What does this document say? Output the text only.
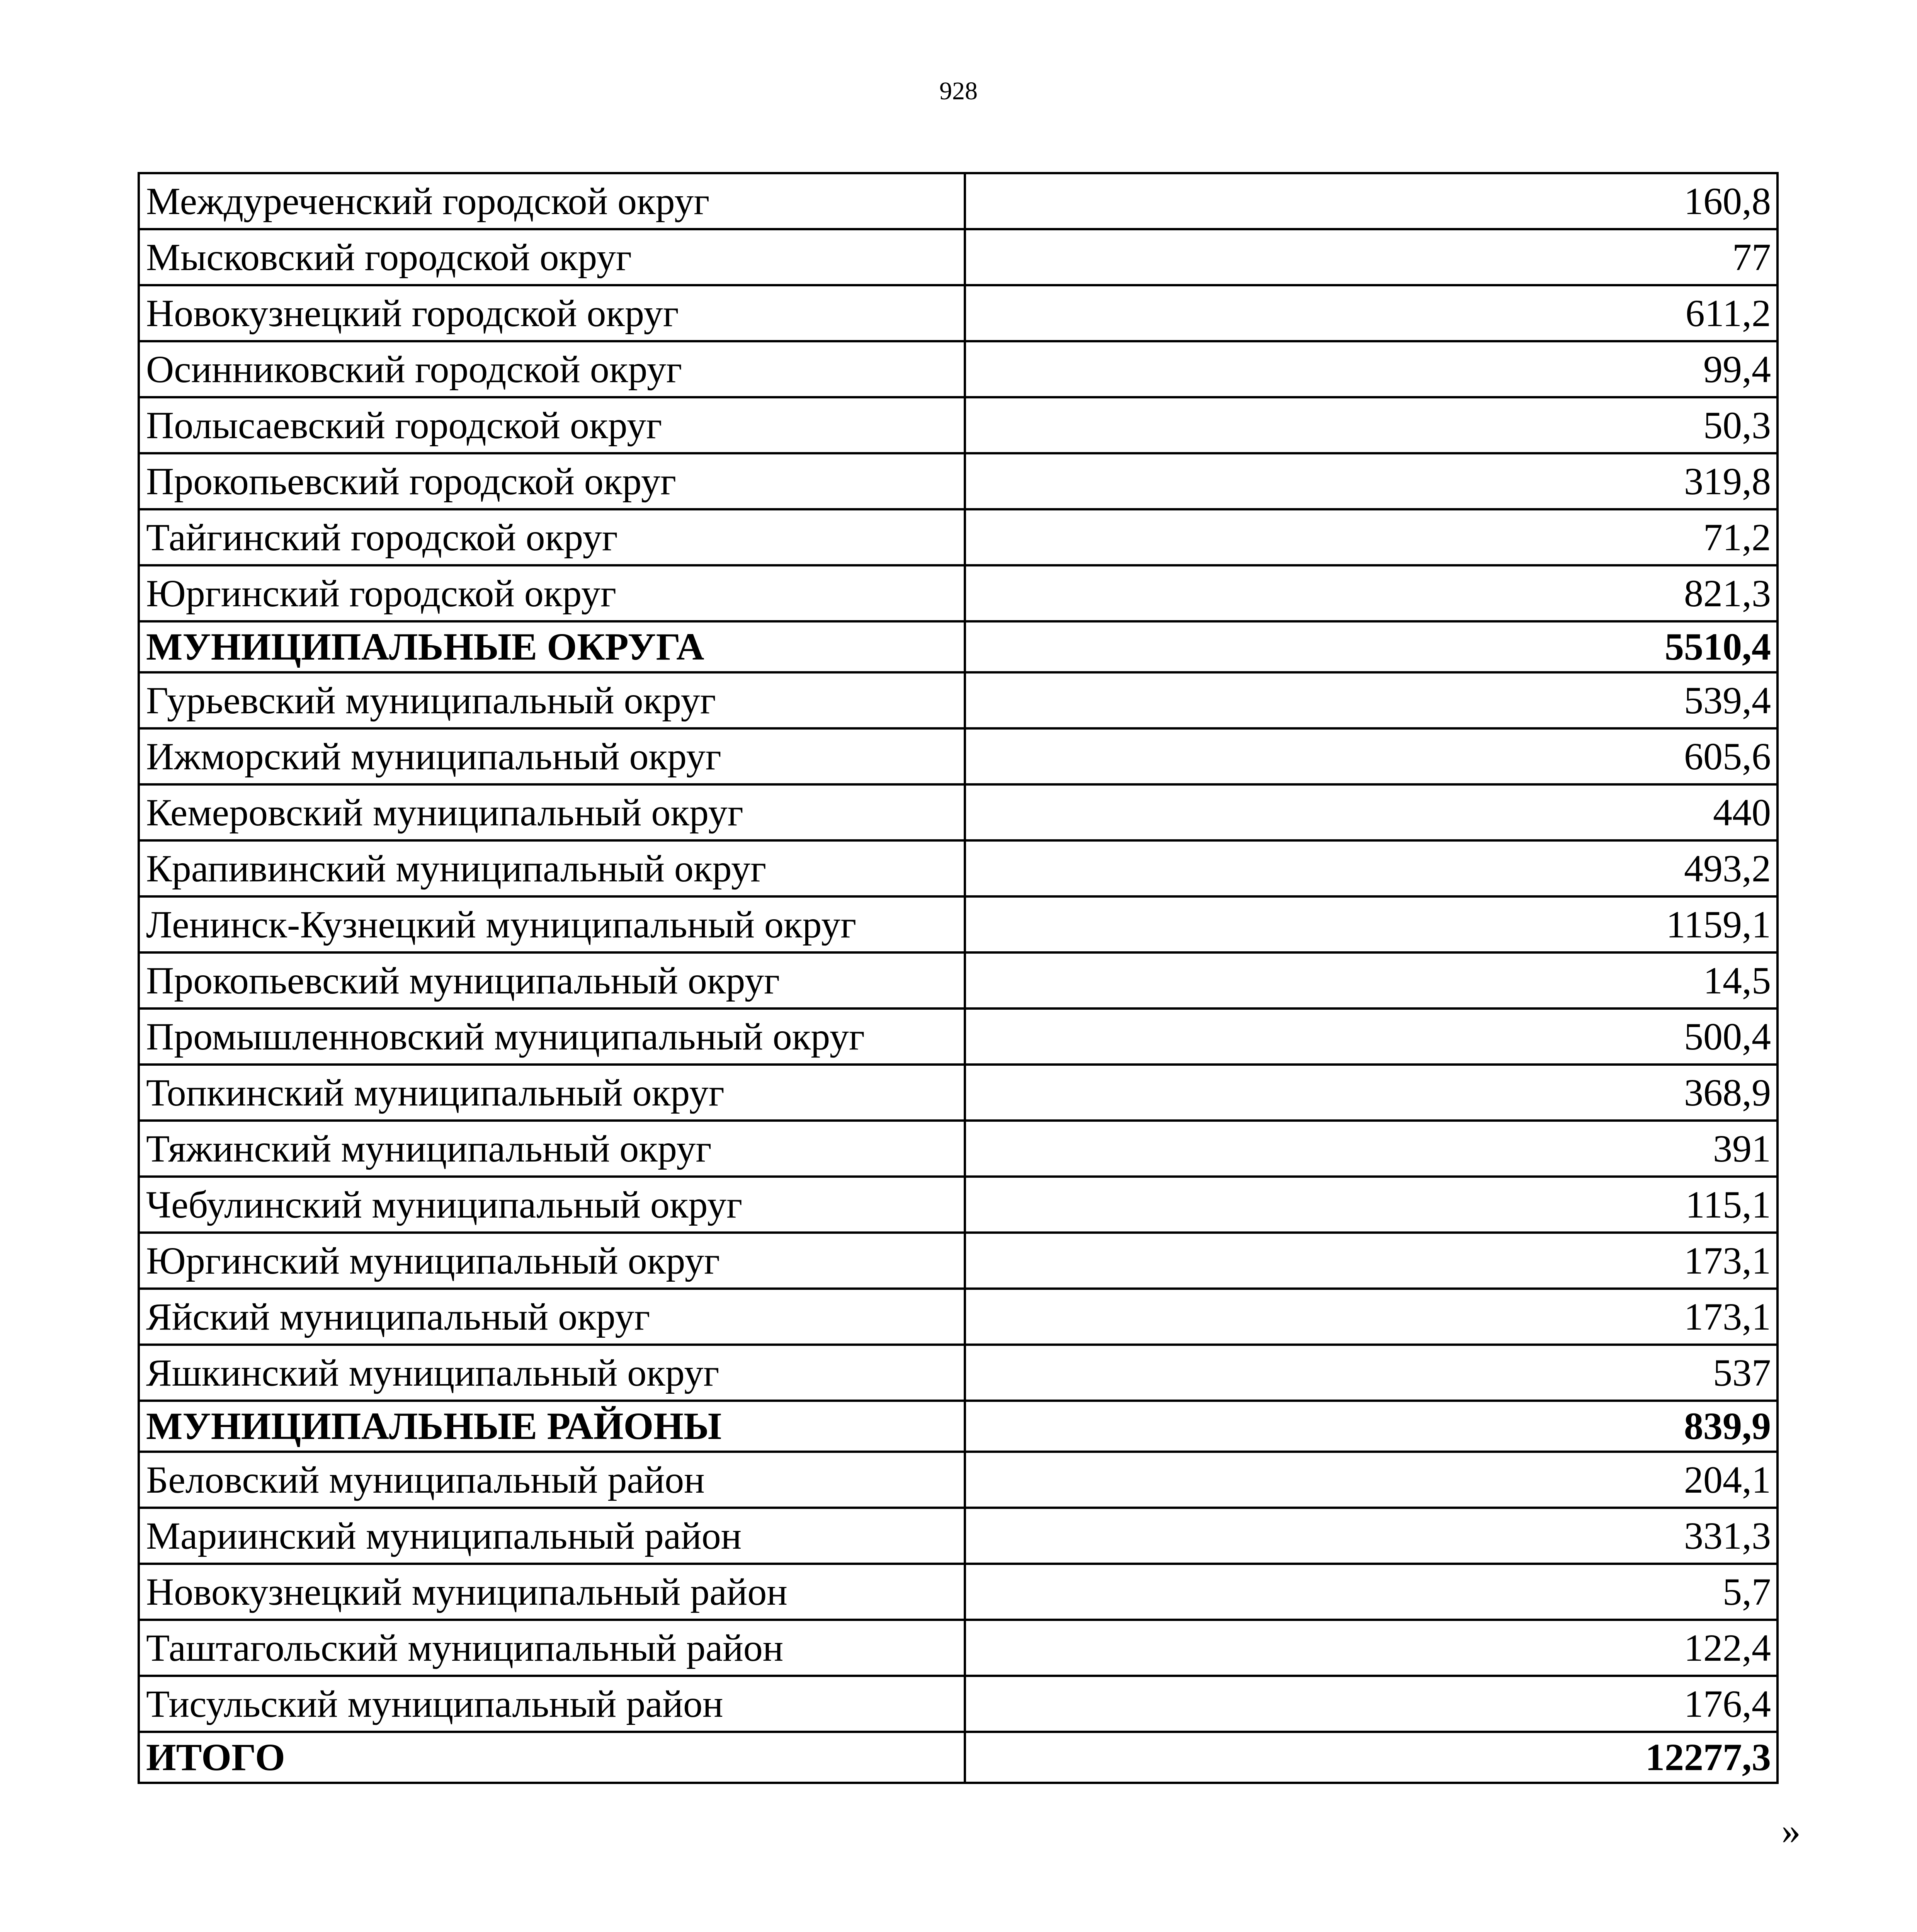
928
Междуреченский городской округ	160,8
Мысковский городской округ	77
Новокузнецкий городской округ	611,2
Осинниковский городской округ	99,4
Полысаевский городской округ	50,3
Прокопьевский городской округ	319,8
Тайгинский городской округ	71,2
Юргинский городской округ	821,3
МУНИЦИПАЛЬНЫЕ ОКРУГА	5510,4
Гурьевский муниципальный округ	539,4
Ижморский муниципальный округ	605,6
Кемеровский муниципальный округ	440
Крапивинский муниципальный округ	493,2
Ленинск-Кузнецкий муниципальный округ	1159,1
Прокопьевский муниципальный округ	14,5
Промышленновский муниципальный округ	500,4
Топкинский муниципальный округ	368,9
Тяжинский муниципальный округ	391
Чебулинский муниципальный округ	115,1
Юргинский муниципальный округ	173,1
Яйский муниципальный округ	173,1
Яшкинский муниципальный округ	537
МУНИЦИПАЛЬНЫЕ РАЙОНЫ	839,9
Беловский муниципальный район	204,1
Мариинский муниципальный район	331,3
Новокузнецкий муниципальный район	5,7
Таштагольский муниципальный район	122,4
Тисульский муниципальный район	176,4
ИТОГО	12277,3
»
